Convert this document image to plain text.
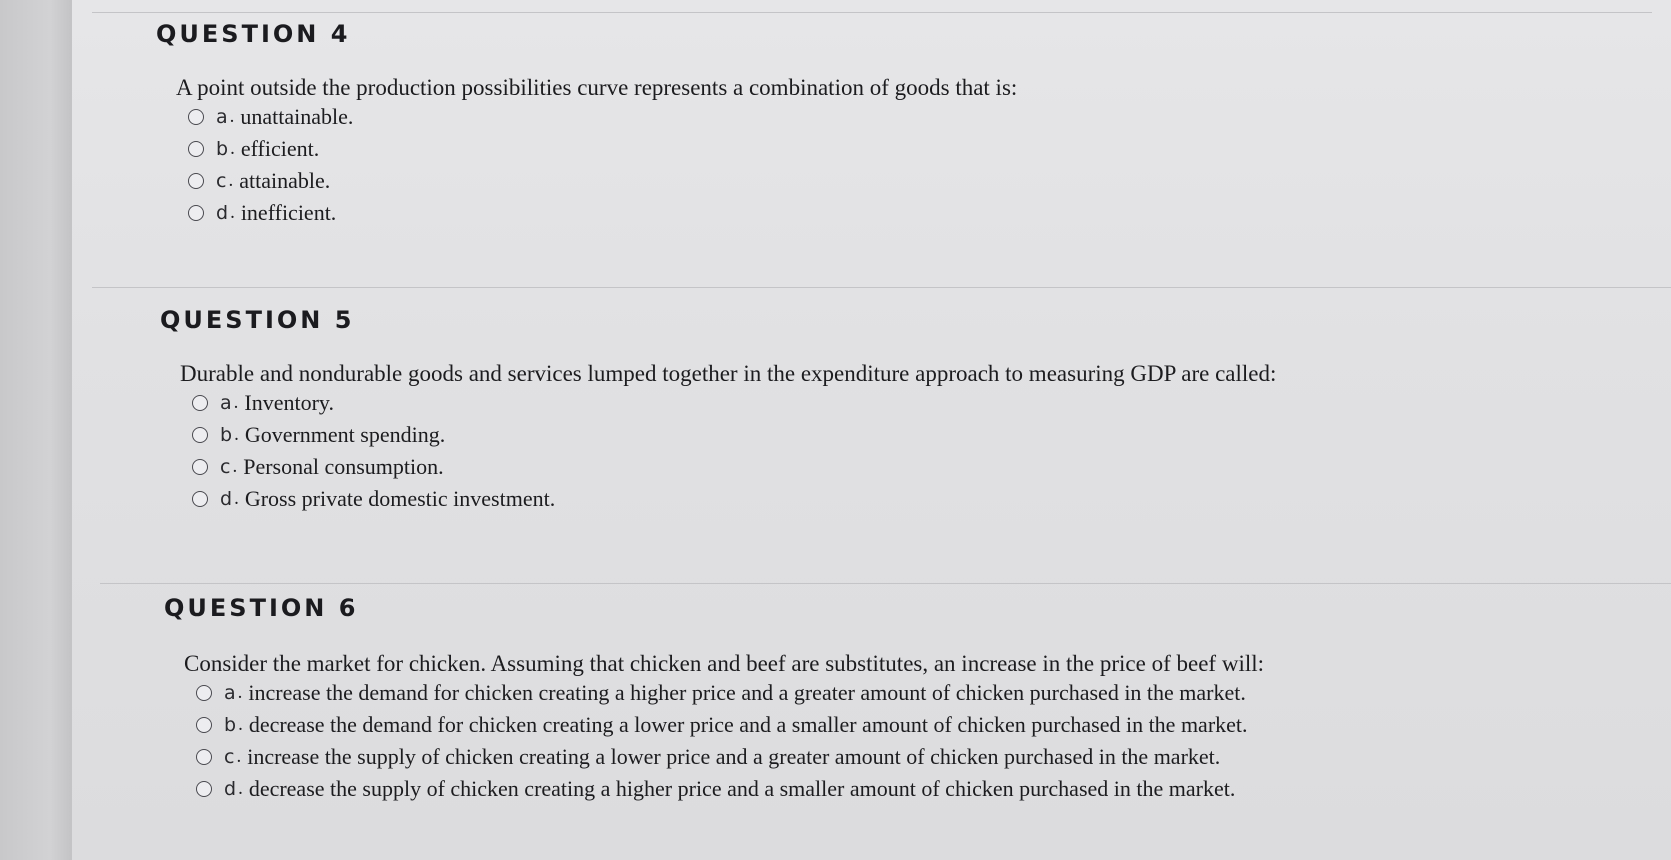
QUESTION 4

A point outside the production possibilities curve represents a combination of goods that is:

a . unattainable.
b . efficient.
c . attainable.
d . inefficient.
QUESTION 5

Durable and nondurable goods and services lumped together in the expenditure approach to measuring GDP are called:

a . Inventory.
b . Government spending.
c . Personal consumption.
d . Gross private domestic investment.
QUESTION 6

Consider the market for chicken. Assuming that chicken and beef are substitutes, an increase in the price of beef will:

a . increase the demand for chicken creating a higher price and a greater amount of chicken purchased in the market.
b . decrease the demand for chicken creating a lower price and a smaller amount of chicken purchased in the market.
c . increase the supply of chicken creating a lower price and a greater amount of chicken purchased in the market.
d . decrease the supply of chicken creating a higher price and a smaller amount of chicken purchased in the market.
